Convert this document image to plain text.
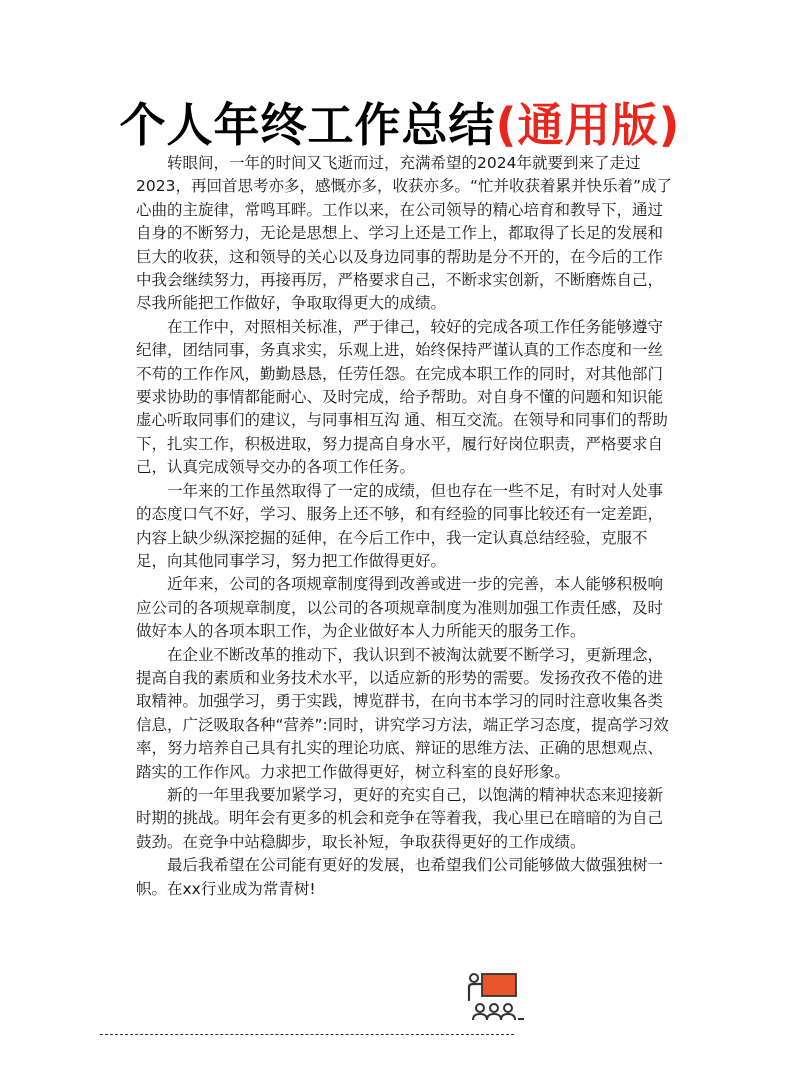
个人年终工作总结(通用版)

转眼间，一年的时间又飞逝而过，充满希望的2024年就要到来了走过2023，再回首思考亦多，感慨亦多，收获亦多。“忙并收获着累并快乐着”成了心曲的主旋律，常鸣耳畔。工作以来，在公司领导的精心培育和教导下，通过自身的不断努力，无论是思想上、学习上还是工作上，都取得了长足的发展和巨大的收获，这和领导的关心以及身边同事的帮助是分不开的，在今后的工作中我会继续努力，再接再厉，严格要求自己，不断求实创新，不断磨炼自己，尽我所能把工作做好，争取取得更大的成绩。

在工作中，对照相关标准，严于律己，较好的完成各项工作任务能够遵守纪律，团结同事，务真求实，乐观上进，始终保持严谨认真的工作态度和一丝不苟的工作作风，勤勤恳恳，任劳任怨。在完成本职工作的同时，对其他部门要求协助的事情都能耐心、及时完成，给予帮助。对自身不懂的问题和知识能虚心听取同事们的建议，与同事相互沟 通、相互交流。在领导和同事们的帮助下，扎实工作，积极进取，努力提高自身水平，履行好岗位职责，严格要求自己，认真完成领导交办的各项工作任务。

一年来的工作虽然取得了一定的成绩，但也存在一些不足，有时对人处事的态度口气不好，学习、服务上还不够，和有经验的同事比较还有一定差距，内容上缺少纵深挖掘的延伸，在今后工作中，我一定认真总结经验，克服不足，向其他同事学习，努力把工作做得更好。

近年来，公司的各项规章制度得到改善或进一步的完善，本人能够积极响应公司的各项规章制度，以公司的各项规章制度为准则加强工作责任感，及时做好本人的各项本职工作，为企业做好本人力所能天的服务工作。

在企业不断改革的推动下，我认识到不被淘汰就要不断学习，更新理念，提高自我的素质和业务技术水平，以适应新的形势的需要。发扬孜孜不倦的进取精神。加强学习，勇于实践，博览群书，在向书本学习的同时注意收集各类信息，广泛吸取各种“营养”:同时，讲究学习方法，端正学习态度，提高学习效率，努力培养自己具有扎实的理论功底、辩证的思维方法、正确的思想观点、踏实的工作作风。力求把工作做得更好，树立科室的良好形象。

新的一年里我要加紧学习，更好的充实自己，以饱满的精神状态来迎接新时期的挑战。明年会有更多的机会和竞争在等着我，我心里已在暗暗的为自己鼓劲。在竞争中站稳脚步，取长补短，争取获得更好的工作成绩。

最后我希望在公司能有更好的发展，也希望我们公司能够做大做强独树一帜。在xx行业成为常青树!
